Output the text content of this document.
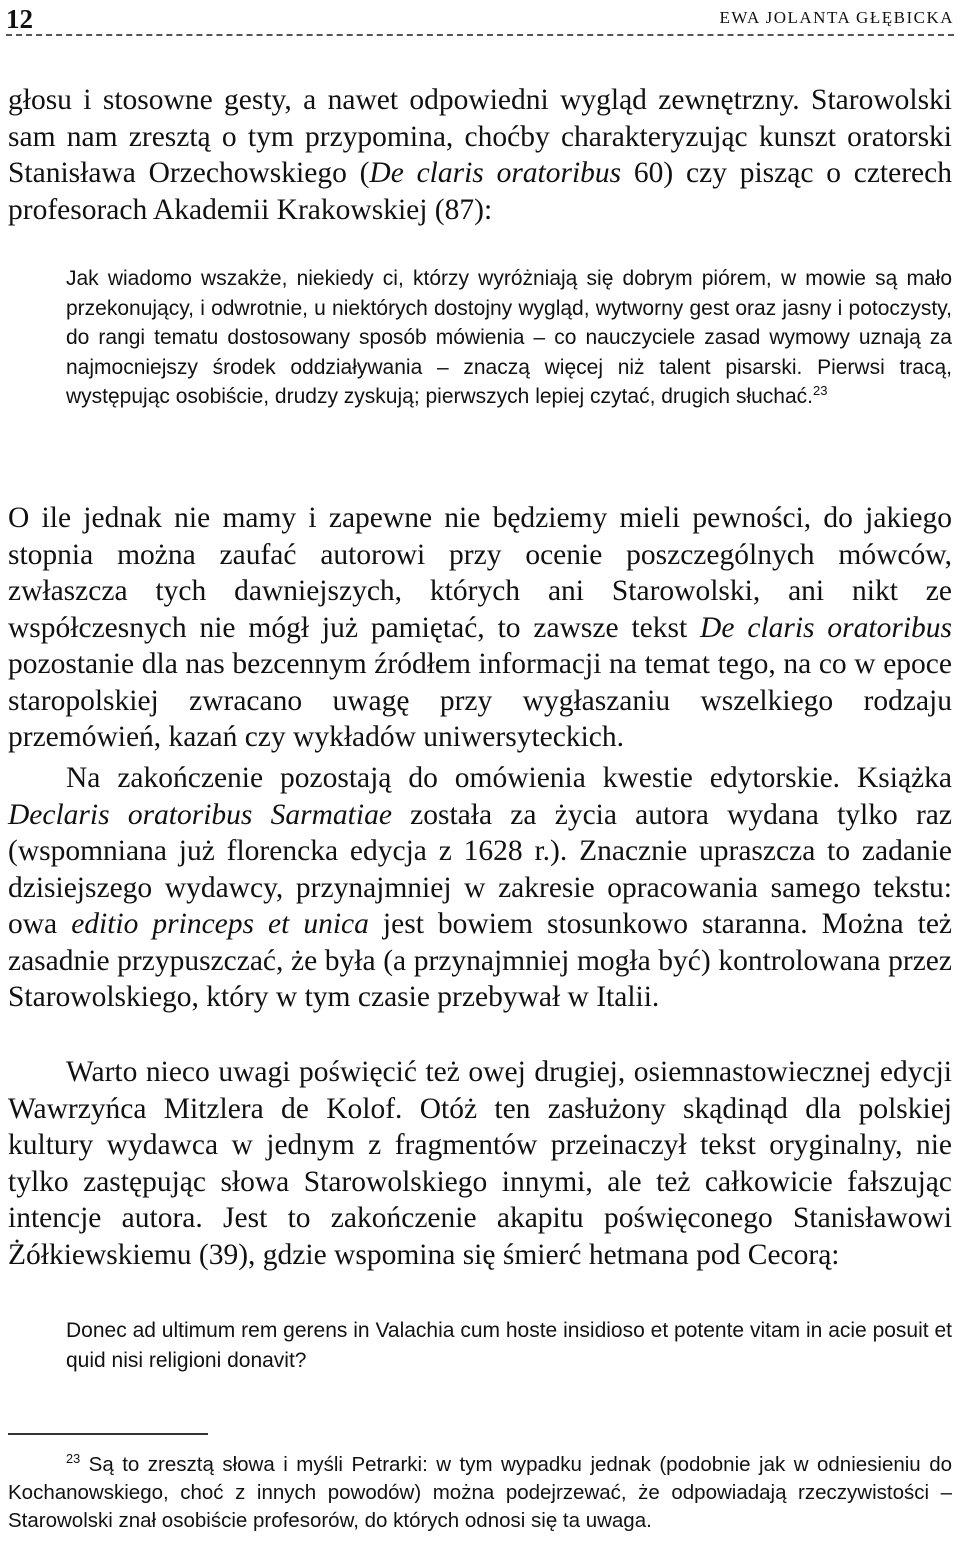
12	EWA JOLANTA GŁĘBICKA

głosu i stosowne gesty, a nawet odpowiedni wygląd zewnętrzny. Starowolski sam nam zresztą o tym przypomina, choćby charakteryzując kunszt oratorski Stanisława Orzechowskiego (De claris oratoribus 60) czy pisząc o czterech profesorach Akademii Krakowskiej (87):

Jak wiadomo wszakże, niekiedy ci, którzy wyróżniają się dobrym piórem, w mowie są mało przekonujący, i odwrotnie, u niektórych dostojny wygląd, wytworny gest oraz jasny i potoczysty, do rangi tematu dostosowany sposób mówienia – co nauczyciele zasad wymowy uznają za najmocniejszy środek oddziaływania – znaczą więcej niż talent pisarski. Pierwsi tracą, występując osobiście, drudzy zyskują; pierwszych lepiej czytać, drugich słuchać.$^{23}$

O ile jednak nie mamy i zapewne nie będziemy mieli pewności, do jakiego stopnia można zaufać autorowi przy ocenie poszczególnych mówców, zwłaszcza tych dawniejszych, których ani Starowolski, ani nikt ze współczesnych nie mógł już pamiętać, to zawsze tekst De claris oratoribus pozostanie dla nas bezcennym źródłem informacji na temat tego, na co w epoce staropolskiej zwracano uwagę przy wygłaszaniu wszelkiego rodzaju przemówień, kazań czy wykładów uniwersyteckich.

Na zakończenie pozostają do omówienia kwestie edytorskie. Książka Declaris oratoribus Sarmatiae została za życia autora wydana tylko raz (wspomniana już florencka edycja z 1628 r.). Znacznie upraszcza to zadanie dzisiejszego wydawcy, przynajmniej w zakresie opracowania samego tekstu: owa editio princeps et unica jest bowiem stosunkowo staranna. Można też zasadnie przypuszczać, że była (a przynajmniej mogła być) kontrolowana przez Starowolskiego, który w tym czasie przebywał w Italii.

Warto nieco uwagi poświęcić też owej drugiej, osiemnastowiecznej edycji Wawrzyńca Mitzlera de Kolof. Otóż ten zasłużony skądinąd dla polskiej kultury wydawca w jednym z fragmentów przeinaczył tekst oryginalny, nie tylko zastępując słowa Starowolskiego innymi, ale też całkowicie fałszując intencje autora. Jest to zakończenie akapitu poświęconego Stanisławowi Żółkiewskiemu (39), gdzie wspomina się śmierć hetmana pod Cecorą:

Donec ad ultimum rem gerens in Valachia cum hoste insidioso et potente vitam in acie posuit et quid nisi religioni donavit?

$^{23}$ Są to zresztą słowa i myśli Petrarki: w tym wypadku jednak (podobnie jak w odniesieniu do Kochanowskiego, choć z innych powodów) można podejrzewać, że odpowiadają rzeczywistości – Starowolski znał osobiście profesorów, do których odnosi się ta uwaga.
